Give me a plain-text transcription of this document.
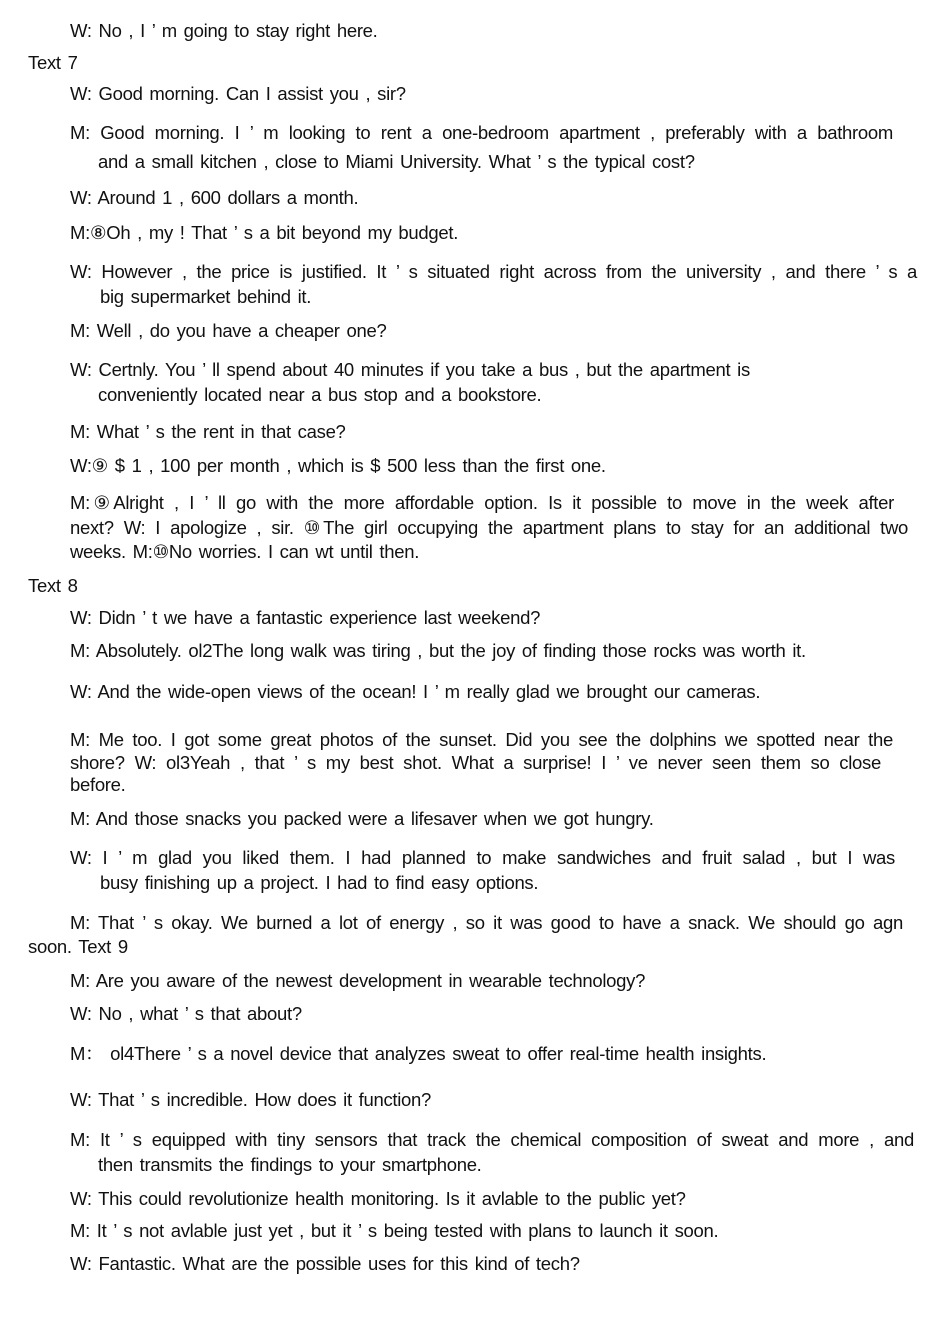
W: No , I ’ m going to stay right here.
Text 7
W: Good morning. Can I assist you , sir?
M: Good morning. I ’ m looking to rent a one-bedroom apartment , preferably with a bathroom
and a small kitchen , close to Miami University. What ’ s the typical cost?
W: Around 1 , 600 dollars a month.
M:⑧Oh , my ! That ’ s a bit beyond my budget.
W: However , the price is justified. It ’ s situated right across from the university , and there ’ s a
big supermarket behind it.
M: Well , do you have a cheaper one?
W: Certnly. You ’ ll spend about 40 minutes if you take a bus , but the apartment is
conveniently located near a bus stop and a bookstore.
M: What ’ s the rent in that case?
W:⑨ $ 1 , 100 per month , which is $ 500 less than the first one.
M:⑨Alright , I ’ ll go with the more affordable option. Is it possible to move in the week after
next? W: I apologize , sir. ⑩The girl occupying the apartment plans to stay for an additional two
weeks. M:⑩No worries. I can wt until then.
Text 8
W: Didn ’ t we have a fantastic experience last weekend?
M: Absolutely. ol2The long walk was tiring , but the joy of finding those rocks was worth it.
W: And the wide-open views of the ocean! I ’ m really glad we brought our cameras.
M: Me too. I got some great photos of the sunset. Did you see the dolphins we spotted near the
shore? W: ol3Yeah , that ’ s my best shot. What a surprise! I ’ ve never seen them so close
before.
M: And those snacks you packed were a lifesaver when we got hungry.
W: I ’ m glad you liked them. I had planned to make sandwiches and fruit salad , but I was
busy finishing up a project. I had to find easy options.
M: That ’ s okay. We burned a lot of energy , so it was good to have a snack. We should go agn
soon. Text 9
M: Are you aware of the newest development in wearable technology?
W: No , what ’ s that about?
M： ol4There ’ s a novel device that analyzes sweat to offer real-time health insights.
W: That ’ s incredible. How does it function?
M: It ’ s equipped with tiny sensors that track the chemical composition of sweat and more , and
then transmits the findings to your smartphone.
W: This could revolutionize health monitoring. Is it avlable to the public yet?
M: It ’ s not avlable just yet , but it ’ s being tested with plans to launch it soon.
W: Fantastic. What are the possible uses for this kind of tech?
